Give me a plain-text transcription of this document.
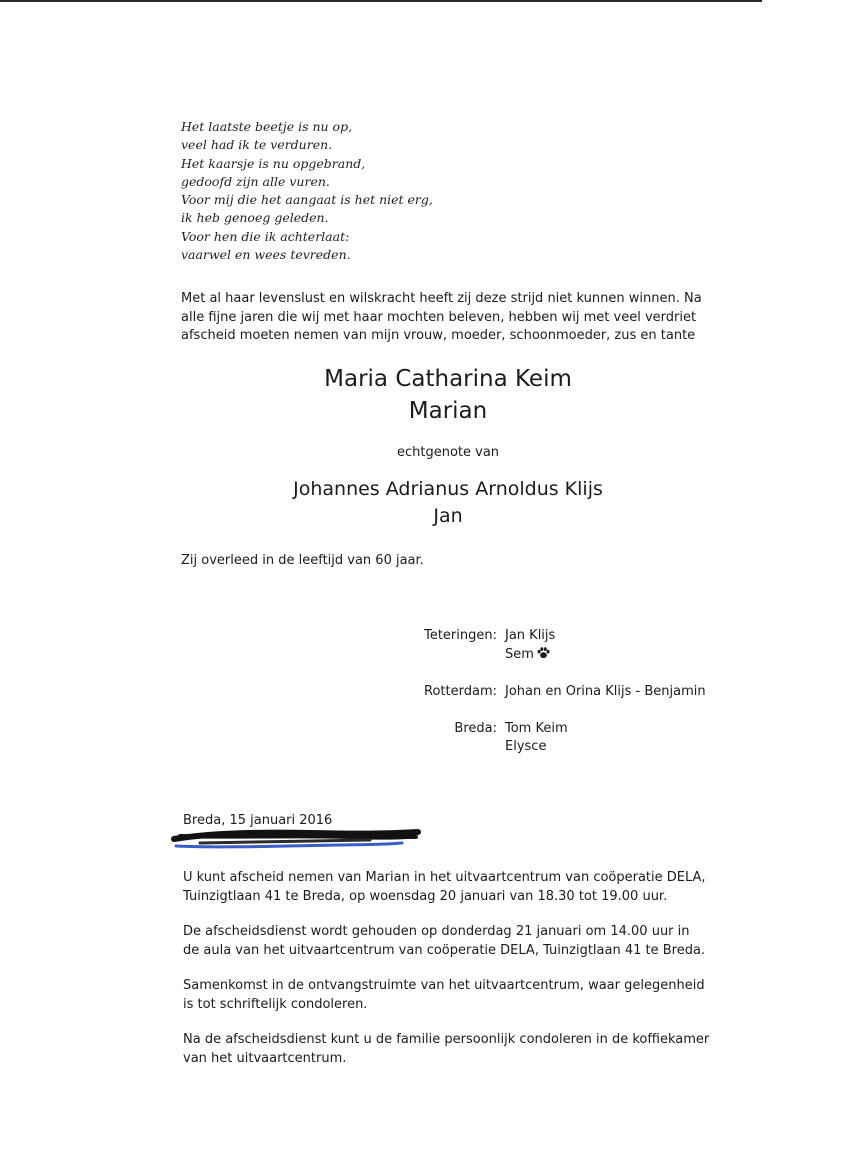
Het laatste beetje is nu op,
veel had ik te verduren.
Het kaarsje is nu opgebrand,
gedoofd zijn alle vuren.
Voor mij die het aangaat is het niet erg,
ik heb genoeg geleden.
Voor hen die ik achterlaat:
vaarwel en wees tevreden.
Met al haar levenslust en wilskracht heeft zij deze strijd niet kunnen winnen. Na
alle fijne jaren die wij met haar mochten beleven, hebben wij met veel verdriet
afscheid moeten nemen van mijn vrouw, moeder, schoonmoeder, zus en tante
Maria Catharina Keim
Marian
echtgenote van
Johannes Adrianus Arnoldus Klijs
Jan
Zij overleed in de leeftijd van 60 jaar.
Teteringen: Jan Klijs
Sem
Rotterdam: Johan en Orina Klijs - Benjamin
Breda: Tom Keim
Elysce
Breda, 15 januari 2016
U kunt afscheid nemen van Marian in het uitvaartcentrum van coöperatie DELA,
Tuinzigtlaan 41 te Breda, op woensdag 20 januari van 18.30 tot 19.00 uur.
De afscheidsdienst wordt gehouden op donderdag 21 januari om 14.00 uur in
de aula van het uitvaartcentrum van coöperatie DELA, Tuinzigtlaan 41 te Breda.
Samenkomst in de ontvangstruimte van het uitvaartcentrum, waar gelegenheid
is tot schriftelijk condoleren.
Na de afscheidsdienst kunt u de familie persoonlijk condoleren in de koffiekamer
van het uitvaartcentrum.
